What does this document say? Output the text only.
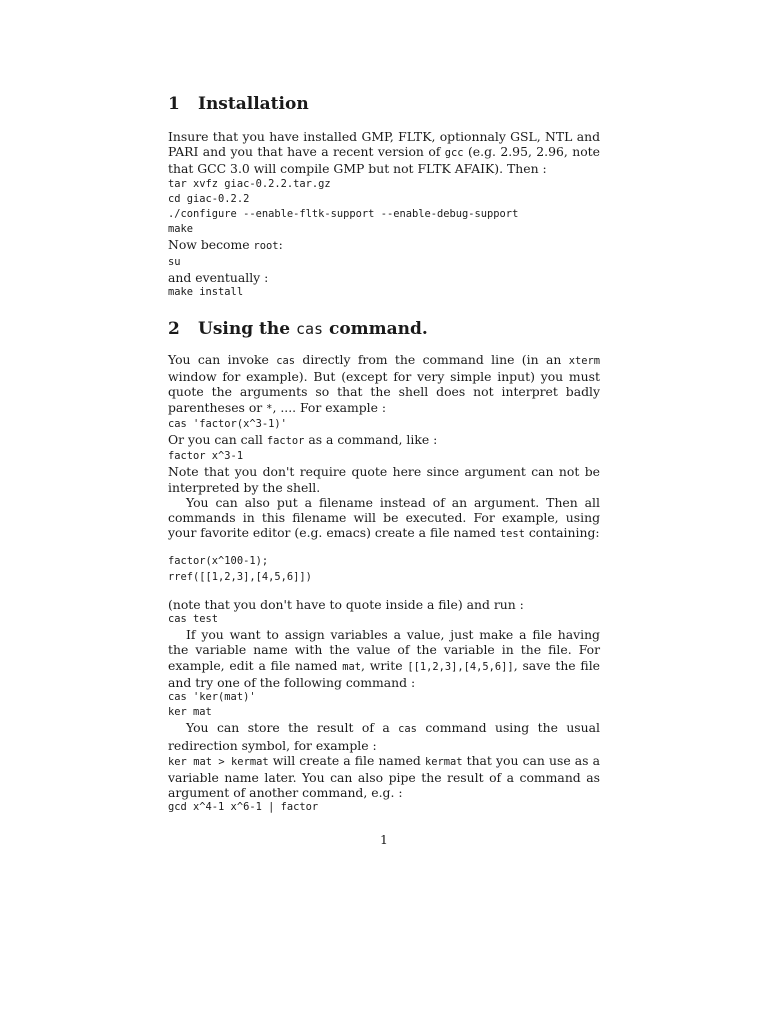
1 Installation

Insure that you have installed GMP, FLTK, optionnaly GSL, NTL and PARI and you that have a recent version of gcc (e.g. 2.95, 2.96, note that GCC 3.0 will compile GMP but not FLTK AFAIK). Then :

tar xvfz giac-0.2.2.tar.gz
cd giac-0.2.2
./configure --enable-fltk-support --enable-debug-support
make

Now become root:

su

and eventually :

make install
2 Using the cas command.

You can invoke cas directly from the command line (in an xterm window for example). But (except for very simple input) you must quote the arguments so that the shell does not interpret badly parentheses or *, .... For example :

cas 'factor(x^3-1)'

Or you can call factor as a command, like :

factor x^3-1

Note that you don't require quote here since argument can not be interpreted by the shell.

You can also put a filename instead of an argument. Then all commands in this filename will be executed. For example, using your favorite editor (e.g. emacs) create a file named test containing:

factor(x^100-1);
rref([[1,2,3],[4,5,6]])

(note that you don't have to quote inside a file) and run :

cas test

If you want to assign variables a value, just make a file having the variable name with the value of the variable in the file. For example, edit a file named mat, write [[1,2,3],[4,5,6]], save the file and try one of the following command :

cas 'ker(mat)'
ker mat

You can store the result of a cas command using the usual redirection symbol, for example :

ker mat > kermat will create a file named kermat that you can use as a variable name later. You can also pipe the result of a command as argument of another command, e.g. :

gcd x^4-1 x^6-1 | factor
1
